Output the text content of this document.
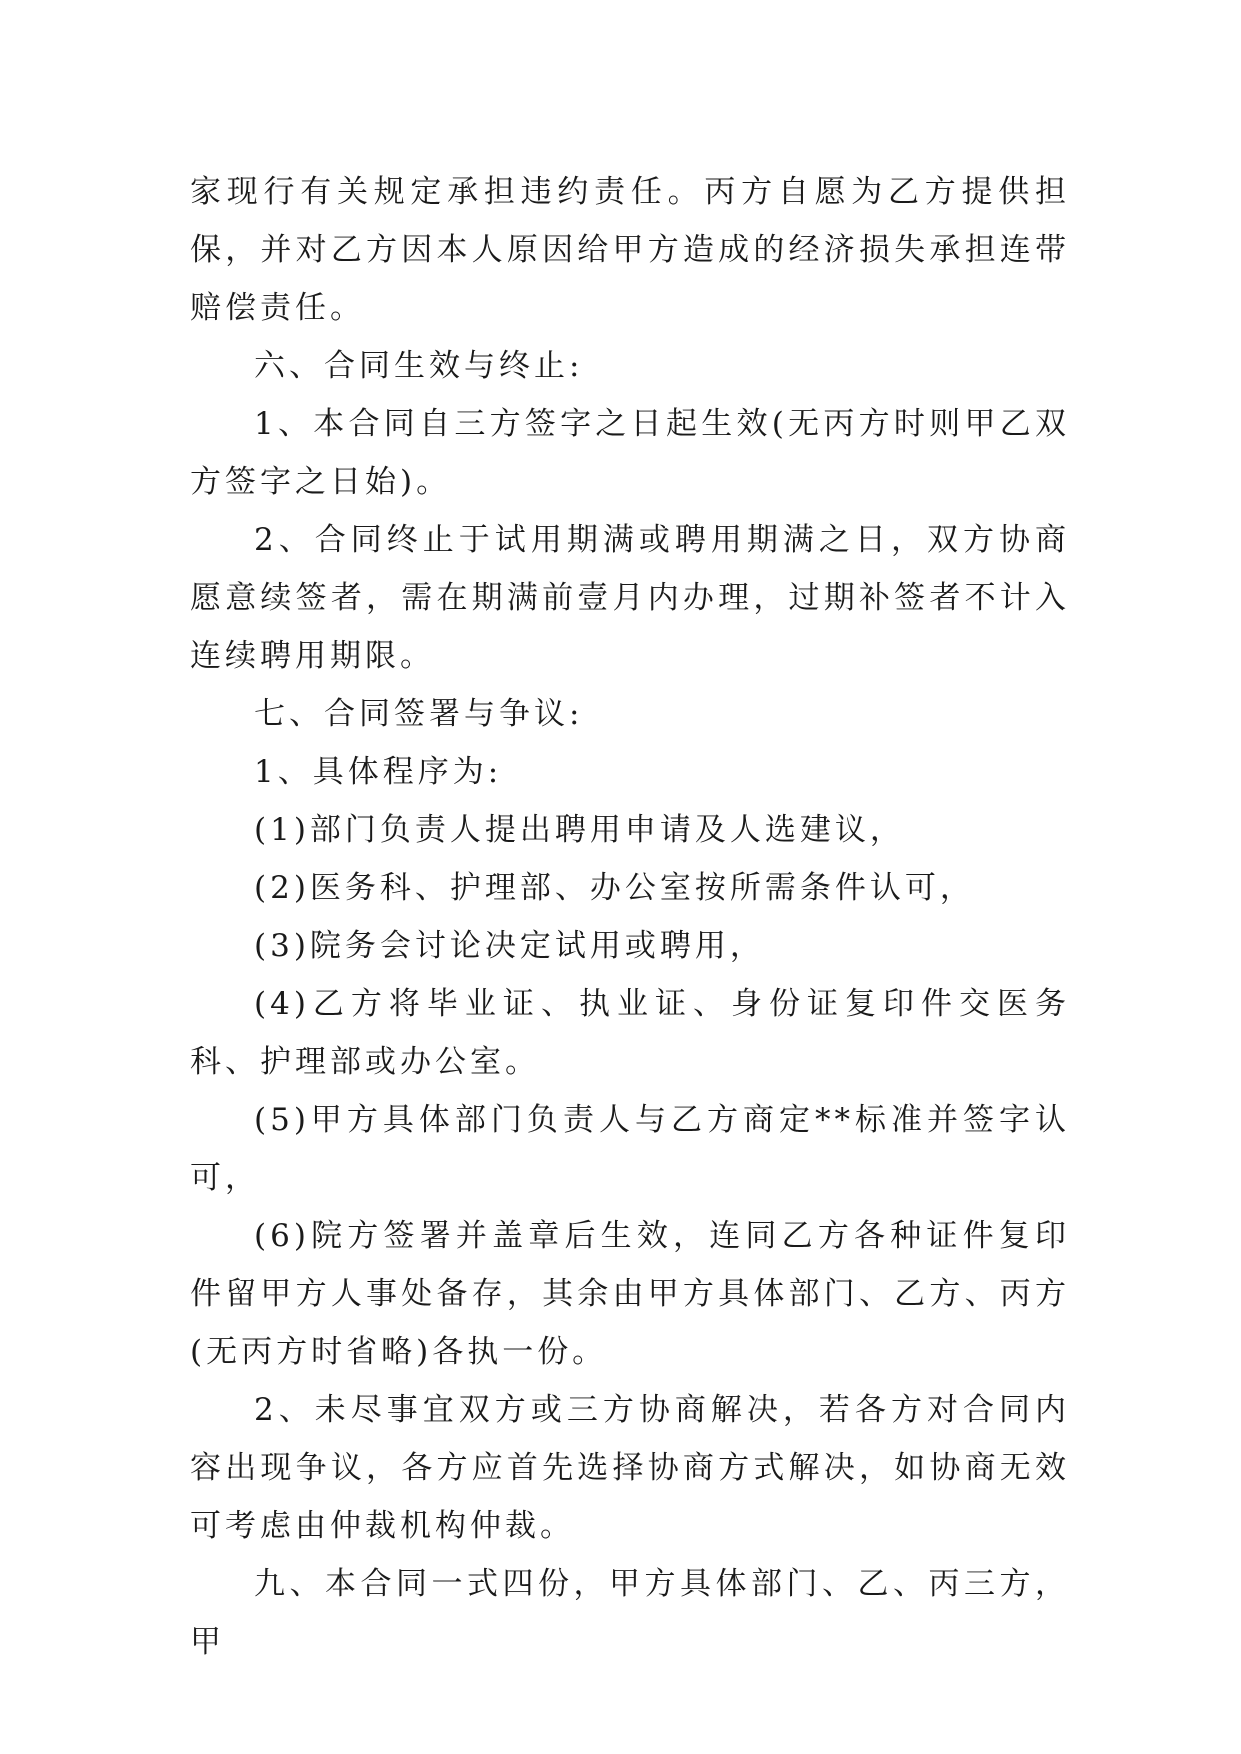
家现行有关规定承担违约责任。丙方自愿为乙方提供担保，并对乙方因本人原因给甲方造成的经济损失承担连带赔偿责任。

六、合同生效与终止:

1、本合同自三方签字之日起生效(无丙方时则甲乙双方签字之日始)。

2、合同终止于试用期满或聘用期满之日，双方协商愿意续签者，需在期满前壹月内办理，过期补签者不计入连续聘用期限。

七、合同签署与争议:

1、具体程序为:

(1)部门负责人提出聘用申请及人选建议，

(2)医务科、护理部、办公室按所需条件认可，

(3)院务会讨论决定试用或聘用，

(4)乙方将毕业证、执业证、身份证复印件交医务科、护理部或办公室。

(5)甲方具体部门负责人与乙方商定**标准并签字认可，

(6)院方签署并盖章后生效，连同乙方各种证件复印件留甲方人事处备存，其余由甲方具体部门、乙方、丙方(无丙方时省略)各执一份。

2、未尽事宜双方或三方协商解决，若各方对合同内容出现争议，各方应首先选择协商方式解决，如协商无效可考虑由仲裁机构仲裁。

九、本合同一式四份，甲方具体部门、乙、丙三方，甲
